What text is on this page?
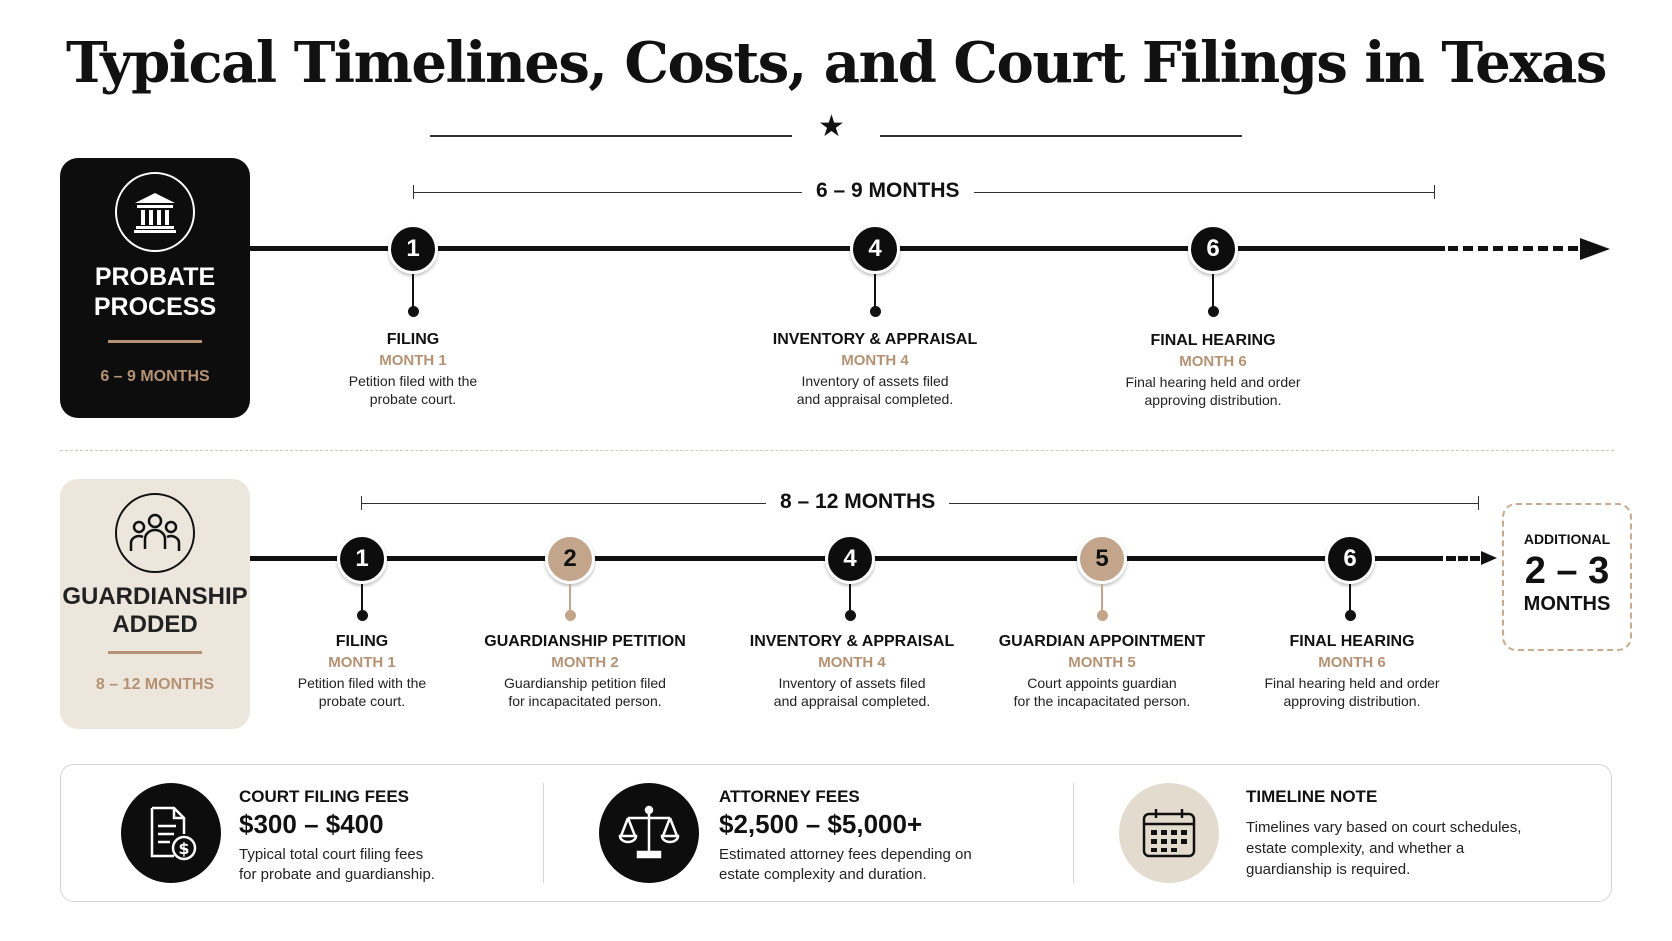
Typical Timelines, Costs, and Court Filings in Texas
★
PROBATE
PROCESS
6 – 9 MONTHS
6 – 9 MONTHS
1
FILING
MONTH 1
Petition filed with the
probate court.
4
INVENTORY & APPRAISAL
MONTH 4
Inventory of assets filed
and appraisal completed.
6
FINAL HEARING
MONTH 6
Final hearing held and order
approving distribution.
GUARDIANSHIP
ADDED
8 – 12 MONTHS
8 – 12 MONTHS
1
FILING
MONTH 1
Petition filed with the
probate court.
2
GUARDIANSHIP PETITION
MONTH 2
Guardianship petition filed
for incapacitated person.
4
INVENTORY & APPRAISAL
MONTH 4
Inventory of assets filed
and appraisal completed.
5
GUARDIAN APPOINTMENT
MONTH 5
Court appoints guardian
for the incapacitated person.
6
FINAL HEARING
MONTH 6
Final hearing held and order
approving distribution.
ADDITIONAL
2 – 3
MONTHS
$
COURT FILING FEES
$300 – $400
Typical total court filing fees
for probate and guardianship.
ATTORNEY FEES
$2,500 – $5,000+
Estimated attorney fees depending on
estate complexity and duration.
TIMELINE NOTE
Timelines vary based on court schedules,
estate complexity, and whether a
guardianship is required.
